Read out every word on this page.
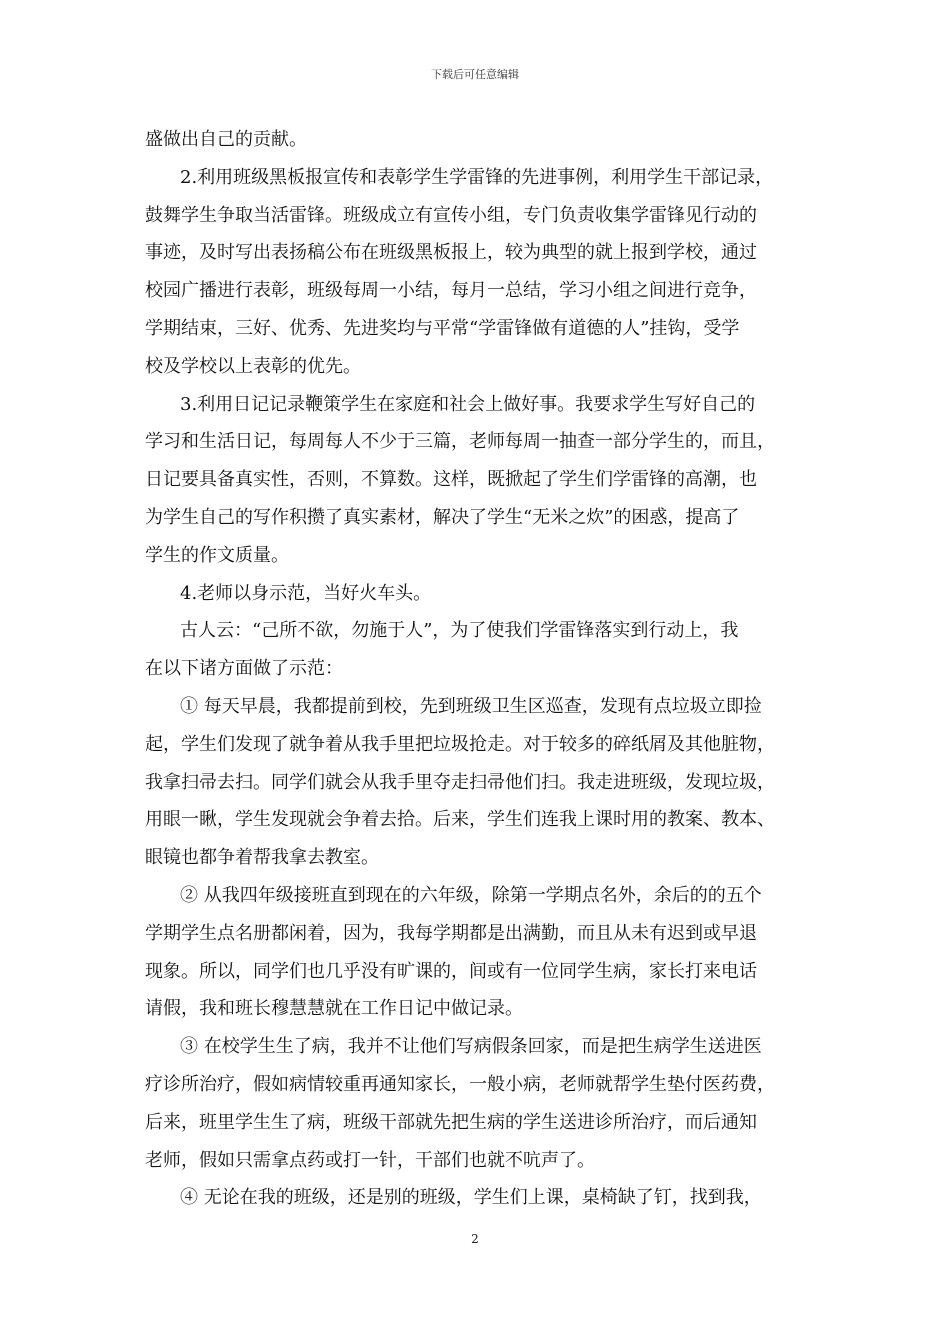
下载后可任意编辑
盛做出自己的贡献。
2.利用班级黑板报宣传和表彰学生学雷锋的先进事例，利用学生干部记录，
鼓舞学生争取当活雷锋。班级成立有宣传小组，专门负责收集学雷锋见行动的
事迹，及时写出表扬稿公布在班级黑板报上，较为典型的就上报到学校，通过
校园广播进行表彰，班级每周一小结，每月一总结，学习小组之间进行竞争，
学期结束，三好、优秀、先进奖均与平常“学雷锋做有道德的人”挂钩，受学
校及学校以上表彰的优先。
3.利用日记记录鞭策学生在家庭和社会上做好事。我要求学生写好自己的
学习和生活日记，每周每人不少于三篇，老师每周一抽查一部分学生的，而且，
日记要具备真实性，否则，不算数。这样，既掀起了学生们学雷锋的高潮，也
为学生自己的写作积攒了真实素材，解决了学生“无米之炊”的困惑，提高了
学生的作文质量。
4.老师以身示范，当好火车头。
古人云：“己所不欲，勿施于人”，为了使我们学雷锋落实到行动上，我
在以下诸方面做了示范：
① 每天早晨，我都提前到校，先到班级卫生区巡查，发现有点垃圾立即捡
起，学生们发现了就争着从我手里把垃圾抢走。对于较多的碎纸屑及其他脏物，
我拿扫帚去扫。同学们就会从我手里夺走扫帚他们扫。我走进班级，发现垃圾，
用眼一瞅，学生发现就会争着去拾。后来，学生们连我上课时用的教案、教本、
眼镜也都争着帮我拿去教室。
② 从我四年级接班直到现在的六年级，除第一学期点名外，余后的的五个
学期学生点名册都闲着，因为，我每学期都是出满勤，而且从未有迟到或早退
现象。所以，同学们也几乎没有旷课的，间或有一位同学生病，家长打来电话
请假，我和班长穆慧慧就在工作日记中做记录。
③ 在校学生生了病，我并不让他们写病假条回家，而是把生病学生送进医
疗诊所治疗，假如病情较重再通知家长，一般小病，老师就帮学生垫付医药费，
后来，班里学生生了病，班级干部就先把生病的学生送进诊所治疗，而后通知
老师，假如只需拿点药或打一针，干部们也就不吭声了。
④ 无论在我的班级，还是别的班级，学生们上课，桌椅缺了钉，找到我，
2
